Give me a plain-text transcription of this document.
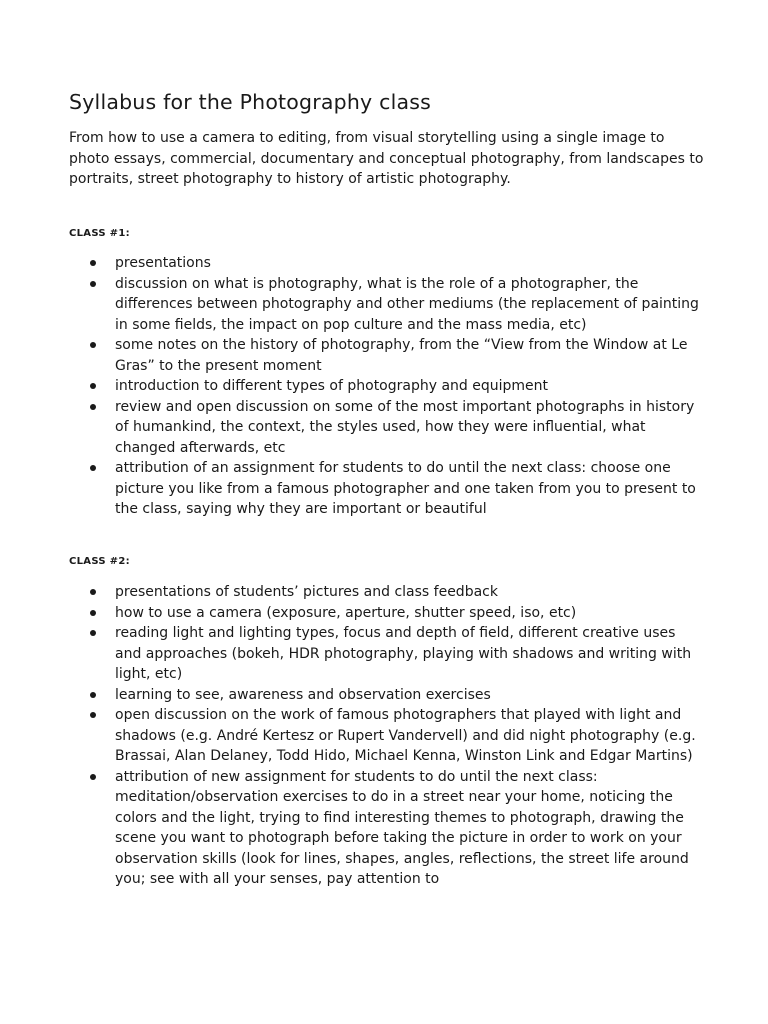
Syllabus for the Photography class

From how to use a camera to editing, from visual storytelling using a single image to photo essays, commercial, documentary and conceptual photography, from landscapes to portraits, street photography to history of artistic photography.

CLASS #1:
presentations
discussion on what is photography, what is the role of a photographer, the differences between photography and other mediums (the replacement of painting in some fields, the impact on pop culture and the mass media, etc)
some notes on the history of photography, from the “View from the Window at Le Gras” to the present moment
introduction to different types of photography and equipment
review and open discussion on some of the most important photographs in history of humankind, the context, the styles used, how they were influential, what changed afterwards, etc
attribution of an assignment for students to do until the next class: choose one picture you like from a famous photographer and one taken from you to present to the class, saying why they are important or beautiful
CLASS #2:
presentations of students’ pictures and class feedback
how to use a camera (exposure, aperture, shutter speed, iso, etc)
reading light and lighting types, focus and depth of field, different creative uses and approaches (bokeh, HDR photography, playing with shadows and writing with light, etc)
learning to see, awareness and observation exercises
open discussion on the work of famous photographers that played with light and shadows (e.g. André Kertesz or Rupert Vandervell) and did night photography (e.g. Brassai, Alan Delaney, Todd Hido, Michael Kenna, Winston Link and Edgar Martins)
attribution of new assignment for students to do until the next class: meditation/observation exercises to do in a street near your home, noticing the colors and the light, trying to find interesting themes to photograph, drawing the scene you want to photograph before taking the picture in order to work on your observation skills (look for lines, shapes, angles, reflections, the street life around you; see with all your senses, pay attention to
